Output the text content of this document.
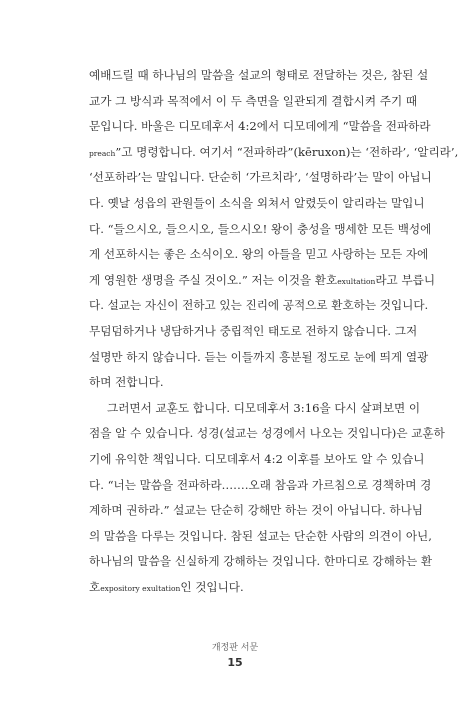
예배드릴 때 하나님의 말씀을 설교의 형태로 전달하는 것은, 참된 설
교가 그 방식과 목적에서 이 두 측면을 일관되게 결합시켜 주기 때
문입니다. 바울은 디모데후서 4:2에서 디모데에게 “말씀을 전파하라
preach”고 명령합니다. 여기서 “전파하라”(kēruxon)는 ‘전하라’, ‘알리라’,
‘선포하라’는 말입니다. 단순히 ‘가르치라’, ‘설명하라’는 말이 아닙니
다. 옛날 성읍의 관원들이 소식을 외쳐서 알렸듯이 알리라는 말입니
다. “들으시오, 들으시오, 들으시오! 왕이 충성을 맹세한 모든 백성에
게 선포하시는 좋은 소식이오. 왕의 아들을 믿고 사랑하는 모든 자에
게 영원한 생명을 주실 것이오.” 저는 이것을 환호exultation라고 부릅니
다. 설교는 자신이 전하고 있는 진리에 공적으로 환호하는 것입니다.
무덤덤하거나 냉담하거나 중립적인 태도로 전하지 않습니다. 그저
설명만 하지 않습니다. 듣는 이들까지 흥분될 정도로 눈에 띄게 열광
하며 전합니다.
그러면서 교훈도 합니다. 디모데후서 3:16을 다시 살펴보면 이
점을 알 수 있습니다. 성경(설교는 성경에서 나오는 것입니다)은 교훈하
기에 유익한 책입니다. 디모데후서 4:2 이후를 보아도 알 수 있습니
다. “너는 말씀을 전파하라.……오래 참음과 가르침으로 경책하며 경
계하며 권하라.” 설교는 단순히 강해만 하는 것이 아닙니다. 하나님
의 말씀을 다루는 것입니다. 참된 설교는 단순한 사람의 의견이 아닌,
하나님의 말씀을 신실하게 강해하는 것입니다. 한마디로 강해하는 환
호expository exultation인 것입니다.
개정판 서문
15
